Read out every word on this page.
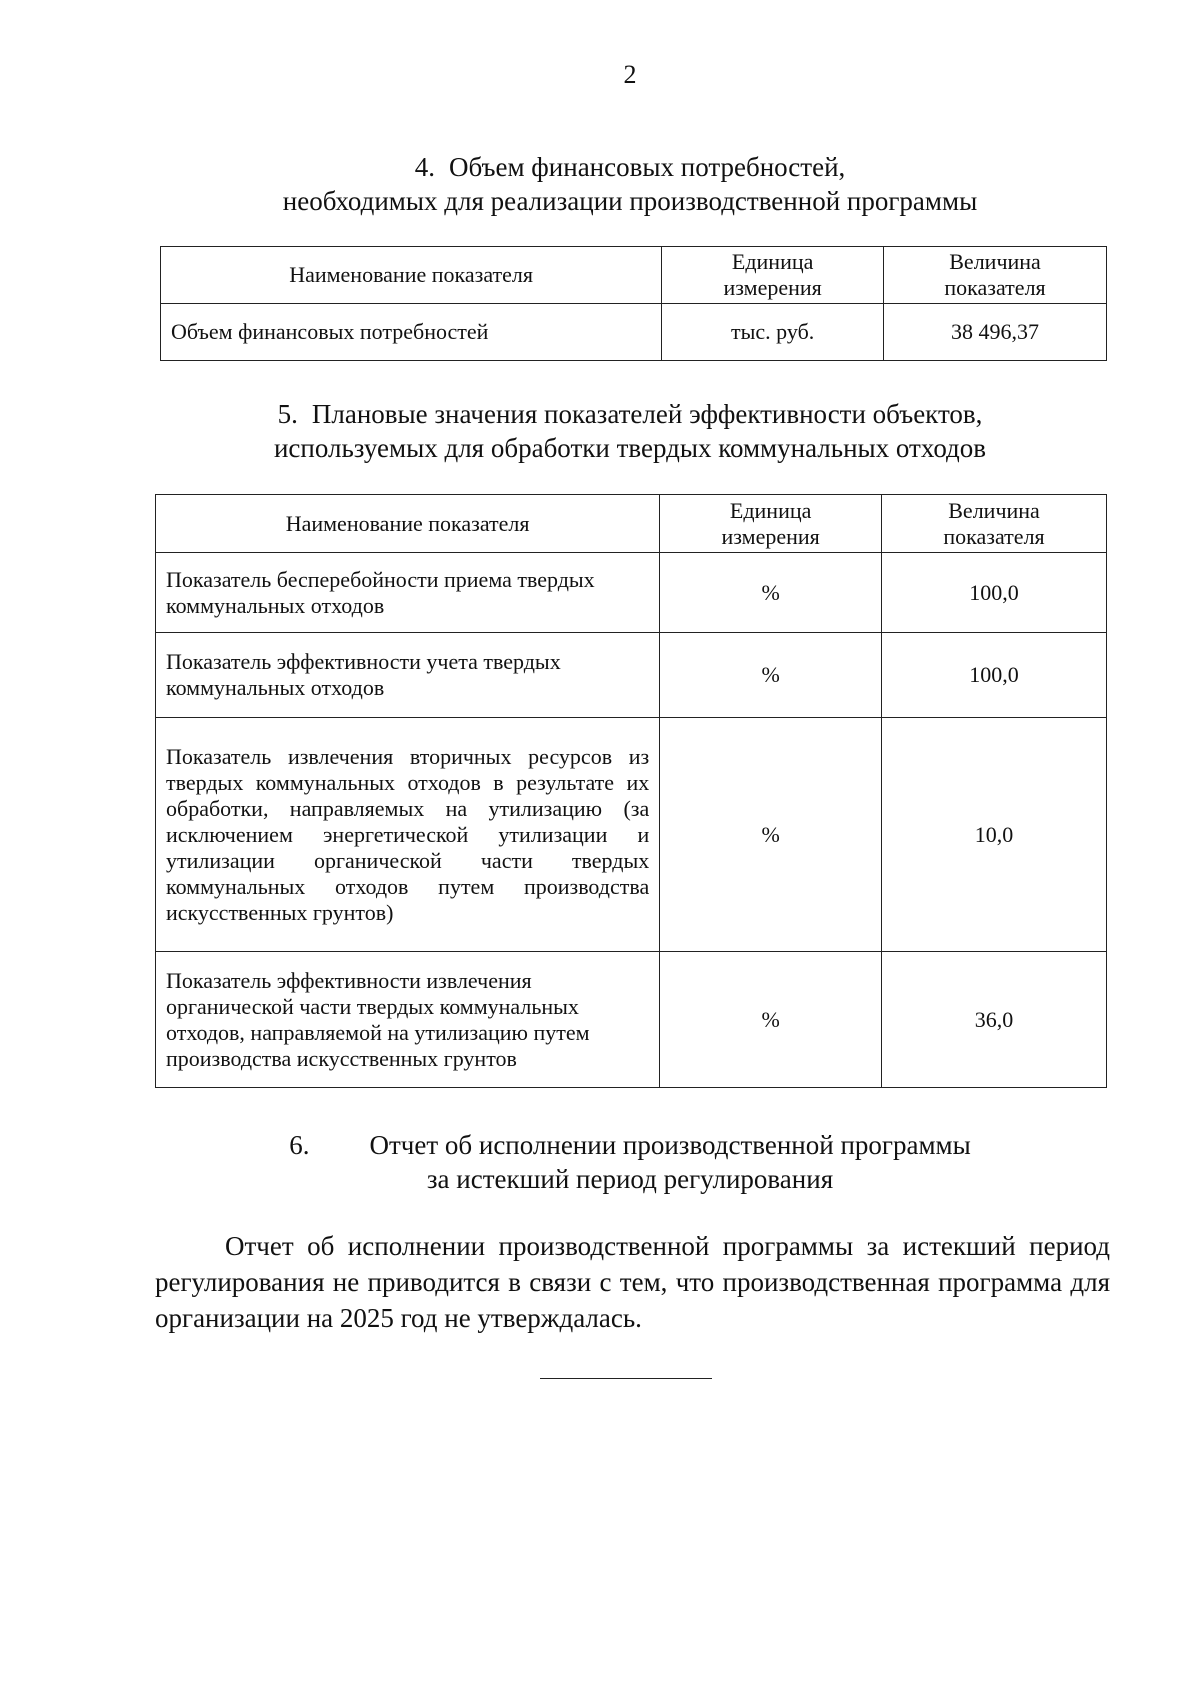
2
4. Объем финансовых потребностей,
необходимых для реализации производственной программы
Наименование показателя	Единица измерения	Величина показателя
Объем финансовых потребностей	тыс. руб.	38 496,37
5. Плановые значения показателей эффективности объектов,
используемых для обработки твердых коммунальных отходов
Наименование показателя	Единица измерения	Величина показателя
Показатель бесперебойности приема твердых коммунальных отходов	%	100,0
Показатель эффективности учета твердых коммунальных отходов	%	100,0
Показатель извлечения вторичных ресурсов из твердых коммунальных отходов в результате их обработки, направляемых на утилизацию (за исключением энергетической утилизации и утилизации органической части твердых коммунальных отходов путем производства искусственных грунтов)	%	10,0
Показатель эффективности извлечения органической части твердых коммунальных отходов, направляемой на утилизацию путем производства искусственных грунтов	%	36,0
6. Отчет об исполнении производственной программы
за истекший период регулирования
Отчет об исполнении производственной программы за истекший период регулирования не приводится в связи с тем, что производственная программа для организации на 2025 год не утверждалась.
